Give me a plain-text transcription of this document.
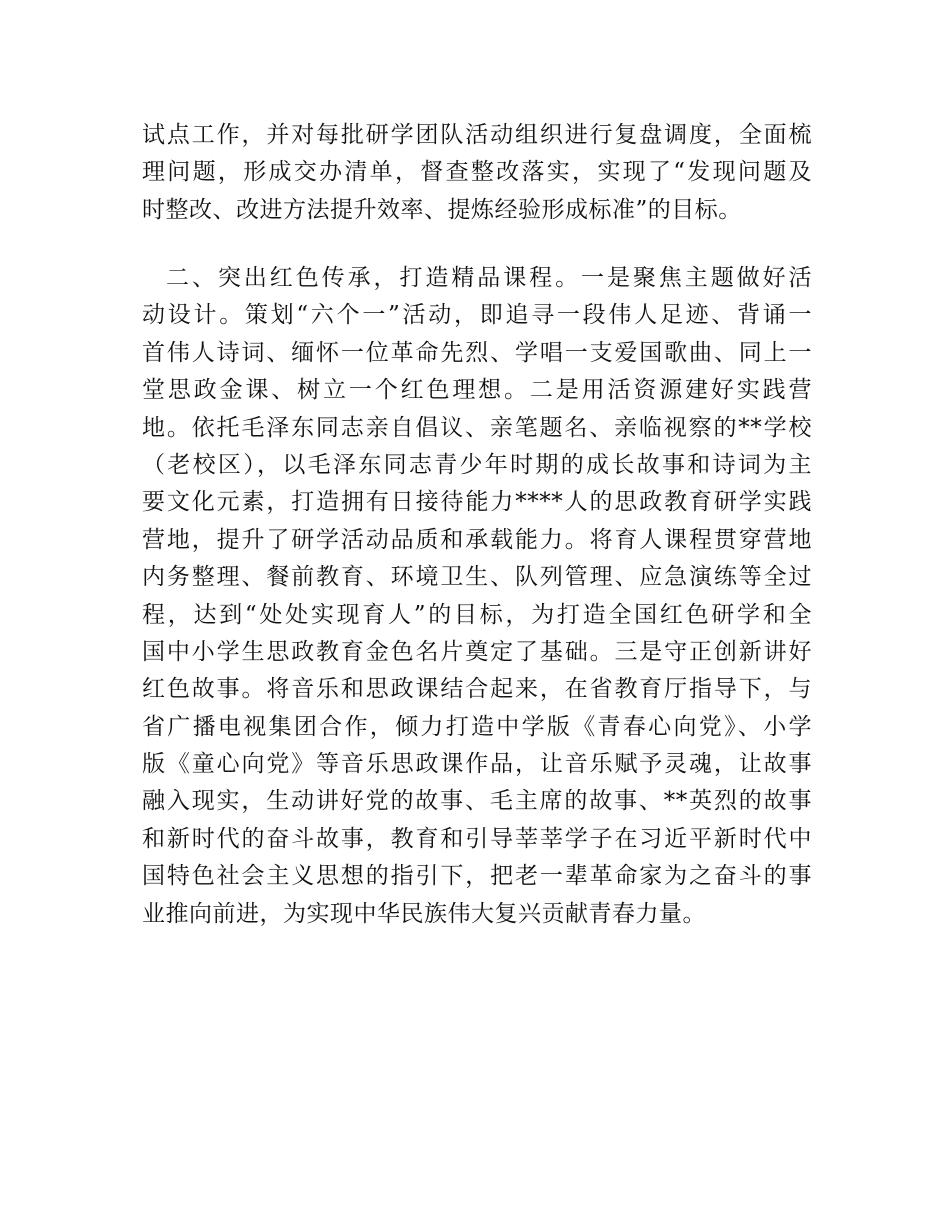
试点工作，并对每批研学团队活动组织进行复盘调度，全面梳
理问题，形成交办清单，督查整改落实，实现了“发现问题及
时整改、改进方法提升效率、提炼经验形成标准”的目标。
二、突出红色传承，打造精品课程。一是聚焦主题做好活
动设计。策划“六个一”活动，即追寻一段伟人足迹、背诵一
首伟人诗词、缅怀一位革命先烈、学唱一支爱国歌曲、同上一
堂思政金课、树立一个红色理想。二是用活资源建好实践营
地。依托毛泽东同志亲自倡议、亲笔题名、亲临视察的**学校
（老校区），以毛泽东同志青少年时期的成长故事和诗词为主
要文化元素，打造拥有日接待能力****人的思政教育研学实践
营地，提升了研学活动品质和承载能力。将育人课程贯穿营地
内务整理、餐前教育、环境卫生、队列管理、应急演练等全过
程，达到“处处实现育人”的目标，为打造全国红色研学和全
国中小学生思政教育金色名片奠定了基础。三是守正创新讲好
红色故事。将音乐和思政课结合起来，在省教育厅指导下，与
省广播电视集团合作，倾力打造中学版《青春心向党》、小学
版《童心向党》等音乐思政课作品，让音乐赋予灵魂，让故事
融入现实，生动讲好党的故事、毛主席的故事、**英烈的故事
和新时代的奋斗故事，教育和引导莘莘学子在习近平新时代中
国特色社会主义思想的指引下，把老一辈革命家为之奋斗的事
业推向前进，为实现中华民族伟大复兴贡献青春力量。
